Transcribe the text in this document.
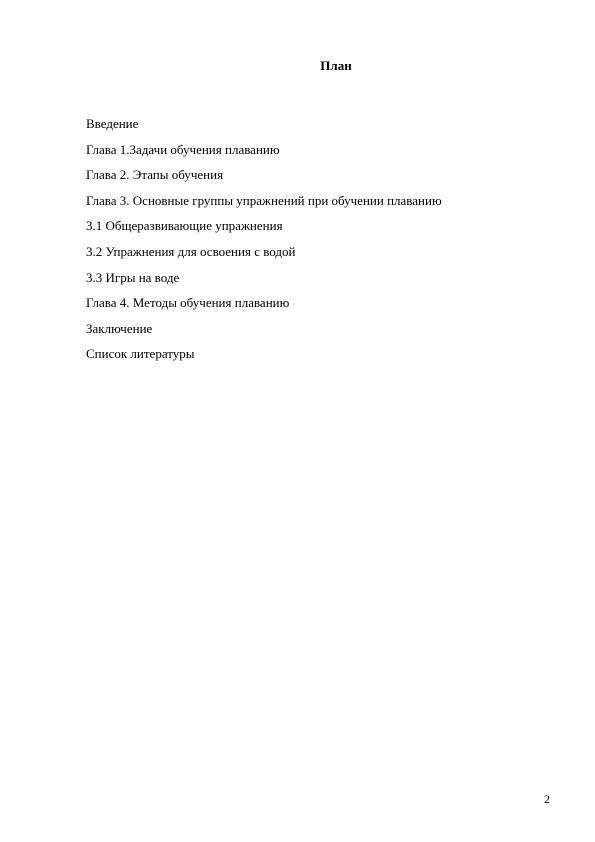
План
Введение
Глава 1.Задачи обучения плаванию
Глава 2. Этапы обучения
Глава 3. Основные группы упражнений при обучении плаванию
3.1 Общеразвивающие упражнения
3.2 Упражнения для освоения с водой
3.3 Игры на воде
Глава 4. Методы обучения плаванию
Заключение
Список литературы
2
